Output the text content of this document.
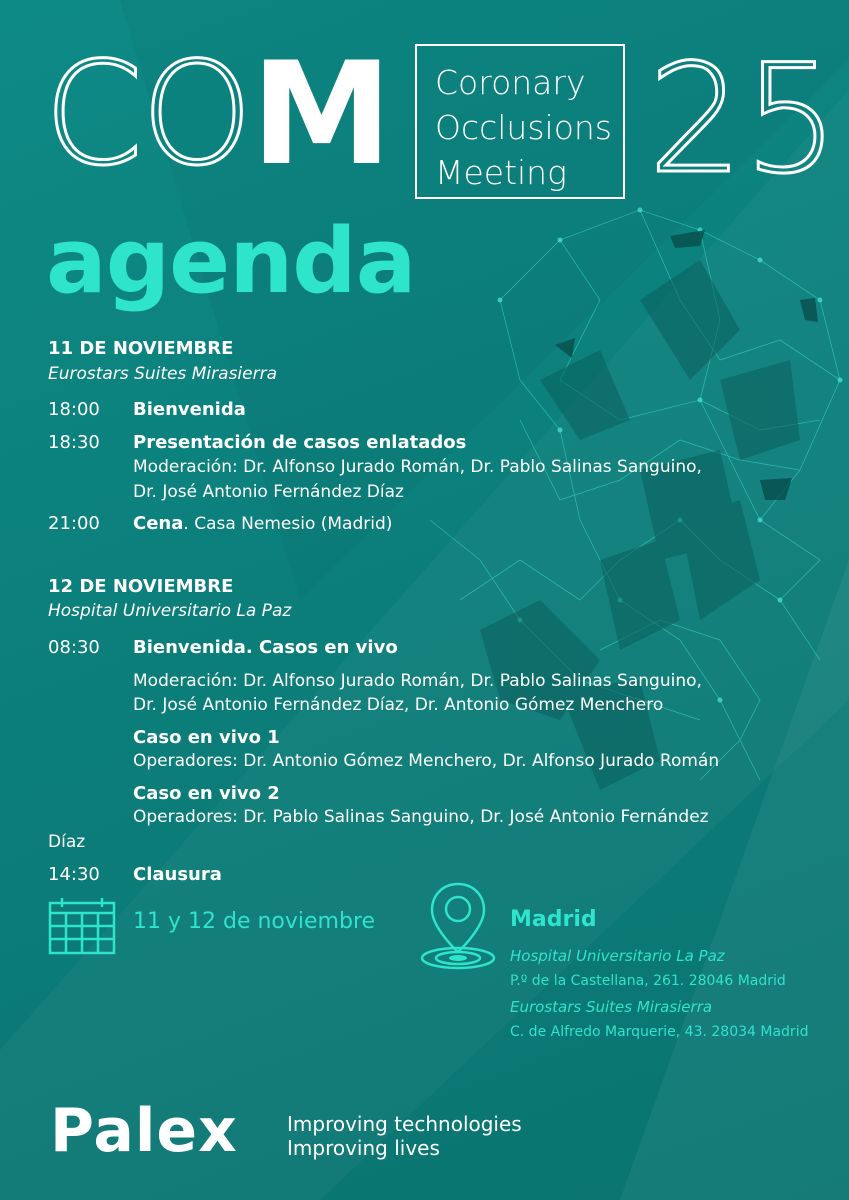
COM Coronary
Occlusions
Meeting 25
agenda
11 DE NOVIEMBRE
Eurostars Suites Mirasierra
18:00 Bienvenida
18:30 Presentación de casos enlatados
Moderación: Dr. Alfonso Jurado Román, Dr. Pablo Salinas Sanguino,
Dr. José Antonio Fernández Díaz
21:00 Cena. Casa Nemesio (Madrid)
12 DE NOVIEMBRE
Hospital Universitario La Paz
08:30 Bienvenida. Casos en vivo
Moderación: Dr. Alfonso Jurado Román, Dr. Pablo Salinas Sanguino,
Dr. José Antonio Fernández Díaz, Dr. Antonio Gómez Menchero
Caso en vivo 1
Operadores: Dr. Antonio Gómez Menchero, Dr. Alfonso Jurado Román
Caso en vivo 2
Operadores: Dr. Pablo Salinas Sanguino, Dr. José Antonio Fernández
Díaz
14:30 Clausura
11 y 12 de noviembre	Madrid
Hospital Universitario La Paz
P.º de la Castellana, 261. 28046 Madrid
Eurostars Suites Mirasierra
C. de Alfredo Marquerie, 43. 28034 Madrid
Palex Improving technologies
Improving lives
